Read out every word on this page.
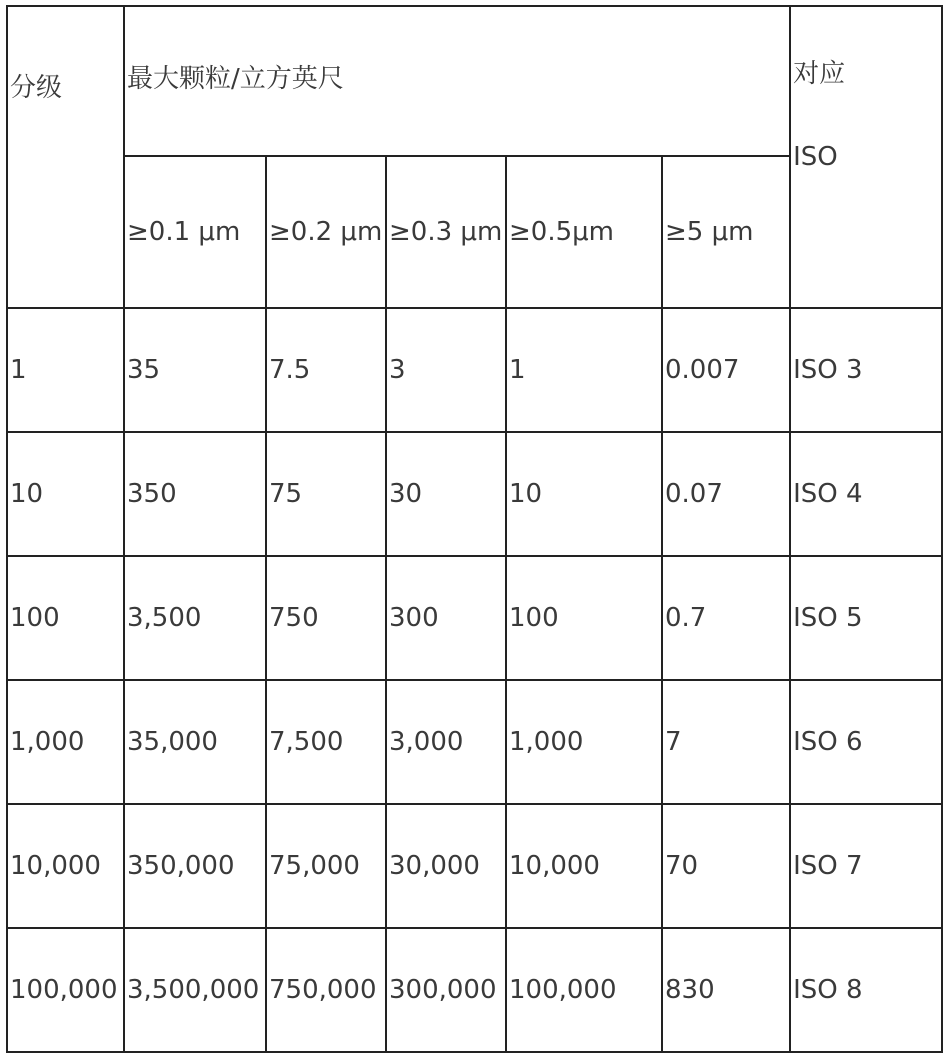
分级	最大颗粒/立方英尺					对应
ISO

	≥0.1 μm	≥0.2 μm	≥0.3 μm	≥0.5μm	≥5 μm	
1	35	7.5	3	1	0.007	ISO 3
10	350	75	30	10	0.07	ISO 4
100	3,500	750	300	100	0.7	ISO 5
1,000	35,000	7,500	3,000	1,000	7	ISO 6
10,000	350,000	75,000	30,000	10,000	70	ISO 7
100,000	3,500,000	750,000	300,000	100,000	830	ISO 8
